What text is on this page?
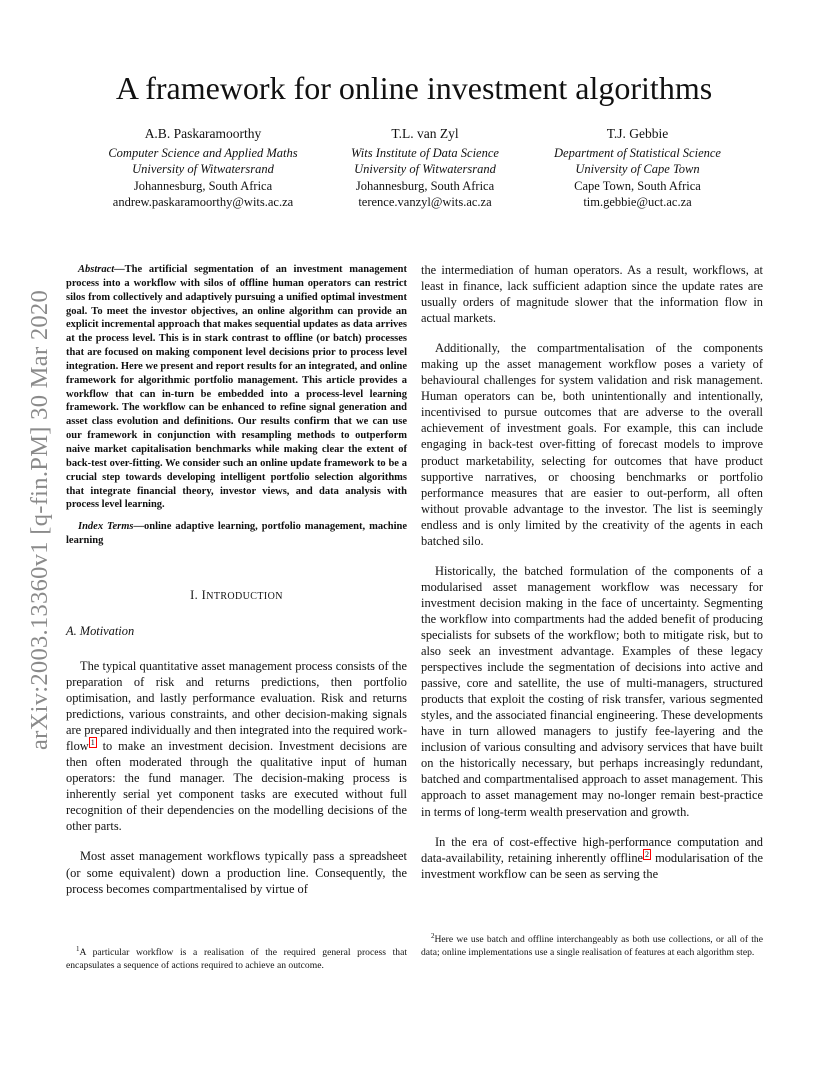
A framework for online investment algorithms
A.B. Paskaramoorthy
Computer Science and Applied Maths
University of Witwatersrand
Johannesburg, South Africa
andrew.paskaramoorthy@wits.ac.za
T.L. van Zyl
Wits Institute of Data Science
University of Witwatersrand
Johannesburg, South Africa
terence.vanzyl@wits.ac.za
T.J. Gebbie
Department of Statistical Science
University of Cape Town
Cape Town, South Africa
tim.gebbie@uct.ac.za
arXiv:2003.13360v1 [q-fin.PM] 30 Mar 2020

Abstract—The artificial segmentation of an investment management process into a workflow with silos of offline human operators can restrict silos from collectively and adaptively pursuing a unified optimal investment goal. To meet the investor objectives, an online algorithm can provide an explicit incremental approach that makes sequential updates as data arrives at the process level. This is in stark contrast to offline (or batch) processes that are focused on making component level decisions prior to process level integration. Here we present and report results for an integrated, and online framework for algorithmic portfolio management. This article provides a workflow that can in-turn be embedded into a process-level learning framework. The workflow can be enhanced to refine signal generation and asset class evolution and definitions. Our results confirm that we can use our framework in conjunction with resampling methods to outperform naive market capitalisation benchmarks while making clear the extent of back-test over-fitting. We consider such an online update framework to be a crucial step towards developing intelligent portfolio selection algorithms that integrate financial theory, investor views, and data analysis with process level learning.

Index Terms—online adaptive learning, portfolio management, machine learning

I. INTRODUCTION

A. Motivation

The typical quantitative asset management process consists of the preparation of risk and returns predictions, then portfolio optimisation, and lastly performance evaluation. Risk and returns predictions, various constraints, and other decision-making signals are prepared individually and then integrated into the required work-flow $^1$ to make an investment decision. Investment decisions are then often moderated through the qualitative input of human operators: the fund manager. The decision-making process is inherently serial yet component tasks are executed without full recognition of their dependencies on the modelling decisions of the other parts.

Most asset management workflows typically pass a spreadsheet (or some equivalent) down a production line. Consequently, the process becomes compartmentalised by virtue of

$^1$A particular workflow is a realisation of the required general process that encapsulates a sequence of actions required to achieve an outcome.

the intermediation of human operators. As a result, workflows, at least in finance, lack sufficient adaption since the update rates are usually orders of magnitude slower that the information flow in actual markets.

Additionally, the compartmentalisation of the components making up the asset management workflow poses a variety of behavioural challenges for system validation and risk management. Human operators can be, both unintentionally and intentionally, incentivised to pursue outcomes that are adverse to the overall achievement of investment goals. For example, this can include engaging in back-test over-fitting of forecast models to improve product marketability, selecting for outcomes that have product supportive narratives, or choosing benchmarks or portfolio performance measures that are easier to out-perform, all often without provable advantage to the investor. The list is seemingly endless and is only limited by the creativity of the agents in each batched silo.

Historically, the batched formulation of the components of a modularised asset management workflow was necessary for investment decision making in the face of uncertainty. Segmenting the workflow into compartments had the added benefit of producing specialists for subsets of the workflow; both to mitigate risk, but to also seek an investment advantage. Examples of these legacy perspectives include the segmentation of decisions into active and passive, core and satellite, the use of multi-managers, structured products that exploit the costing of risk transfer, various segmented styles, and the associated financial engineering. These developments have in turn allowed managers to justify fee-layering and the inclusion of various consulting and advisory services that have built on the historically necessary, but perhaps increasingly redundant, batched and compartmentalised approach to asset management. This approach to asset management may no-longer remain best-practice in terms of long-term wealth preservation and growth.

In the era of cost-effective high-performance computation and data-availability, retaining inherently offline $^2$ modularisation of the investment workflow can be seen as serving the

$^2$Here we use batch and offline interchangeably as both use collections, or all of the data; online implementations use a single realisation of features at each algorithm step.
